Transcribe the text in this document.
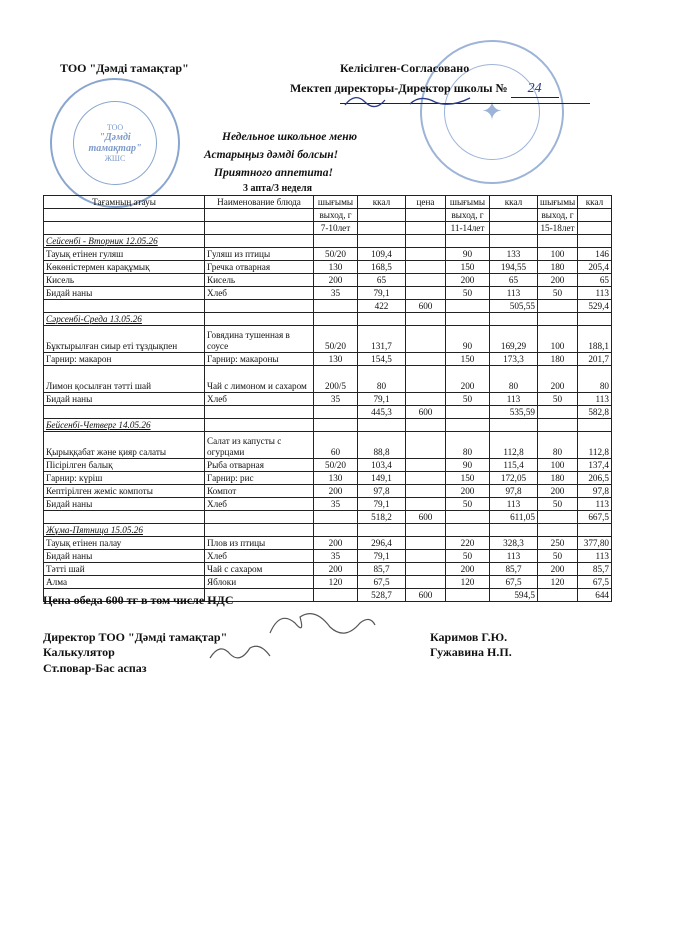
ТОО
"Дәмді тамақтар"
ЖШС
✦
ТОО "Дәмді тамақтар"	Келісілген-Согласовано
Мектеп директоры-Директор школы № 24
Недельное школьное меню
Астарыңыз дәмді болсын!
Приятного аппетита!
3 апта/3 неделя
Тағамның атауы	Наименование блюда	шығымы	ккал	цена	шығымы	ккал	шығымы	ккал
		выход, г			выход, г		выход, г	
		7-10лет			11-14лет		15-18лет	
Сейсенбі - Вторник 12.05.26								
Тауық етінен гуляш	Гуляш из птицы	50/20	109,4		90	133	100	146
Көкөністермен карақұмық	Гречка отварная	130	168,5		150	194,55	180	205,4
Кисель	Кисель	200	65		200	65	200	65
Бидай наны	Хлеб	35	79,1		50	113	50	113
			422	600		505,55		529,4
Сәрсенбі-Среда 13.05.26								
Бұктырылған сиыр еті тұздықпен	Говядина тушенная в соусе	50/20	131,7		90	169,29	100	188,1
Гарнир: макарон	Гарнир: макароны	130	154,5		150	173,3	180	201,7
Лимон қосылған тәтті шай	Чай с лимоном и сахаром	200/5	80		200	80	200	80
Бидай наны	Хлеб	35	79,1		50	113	50	113
			445,3	600		535,59		582,8
Бейсенбі-Четверг 14.05.26								
Қырыққабат және қияр салаты	Салат из капусты с огурцами	60	88,8		80	112,8	80	112,8
Пісірілген балық	Рыба отварная	50/20	103,4		90	115,4	100	137,4
Гарнир: күріш	Гарнир: рис	130	149,1		150	172,05	180	206,5
Кептірілген жеміс компоты	Компот	200	97,8		200	97,8	200	97,8
Бидай наны	Хлеб	35	79,1		50	113	50	113
			518,2	600		611,05		667,5
Жұма-Пятница 15.05.26								
Тауық етінен палау	Плов из птицы	200	296,4		220	328,3	250	377,80
Бидай наны	Хлеб	35	79,1		50	113	50	113
Тәтті шай	Чай с сахаром	200	85,7		200	85,7	200	85,7
Алма	Яблоки	120	67,5		120	67,5	120	67,5
			528,7	600		594,5		644
Цена обеда 600 тг в том числе НДС
Директор ТОО "Дәмді тамақтар"	Каримов Г.Ю.
Калькулятор	Гужавина Н.П.
Ст.повар-Бас аспаз
